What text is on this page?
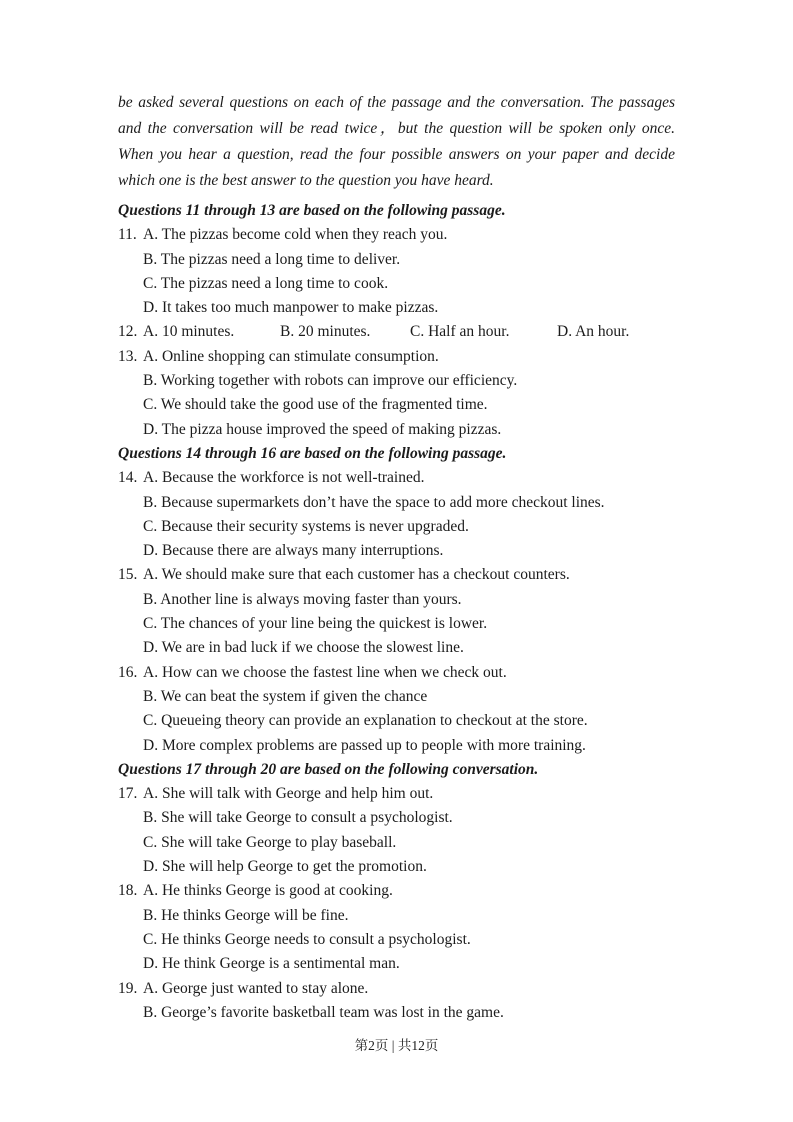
be asked several questions on each of the passage and the conversation. The passages and the conversation will be read twice，but the question will be spoken only once. When you hear a question, read the four possible answers on your paper and decide which one is the best answer to the question you have heard.
Questions 11 through 13 are based on the following passage.
11. A. The pizzas become cold when they reach you.
B. The pizzas need a long time to deliver.
C. The pizzas need a long time to cook.
D. It takes too much manpower to make pizzas.
12. A. 10 minutes.	B. 20 minutes.	C. Half an hour.	D. An hour.
13. A. Online shopping can stimulate consumption.
B. Working together with robots can improve our efficiency.
C. We should take the good use of the fragmented time.
D. The pizza house improved the speed of making pizzas.
Questions 14 through 16 are based on the following passage.
14. A. Because the workforce is not well-trained.
B. Because supermarkets don’t have the space to add more checkout lines.
C. Because their security systems is never upgraded.
D. Because there are always many interruptions.
15. A. We should make sure that each customer has a checkout counters.
B. Another line is always moving faster than yours.
C. The chances of your line being the quickest is lower.
D. We are in bad luck if we choose the slowest line.
16. A. How can we choose the fastest line when we check out.
B. We can beat the system if given the chance
C. Queueing theory can provide an explanation to checkout at the store.
D. More complex problems are passed up to people with more training.
Questions 17 through 20 are based on the following conversation.
17. A. She will talk with George and help him out.
B. She will take George to consult a psychologist.
C. She will take George to play baseball.
D. She will help George to get the promotion.
18. A. He thinks George is good at cooking.
B. He thinks George will be fine.
C. He thinks George needs to consult a psychologist.
D. He think George is a sentimental man.
19. A. George just wanted to stay alone.
B. George’s favorite basketball team was lost in the game.
第2页 | 共12页
